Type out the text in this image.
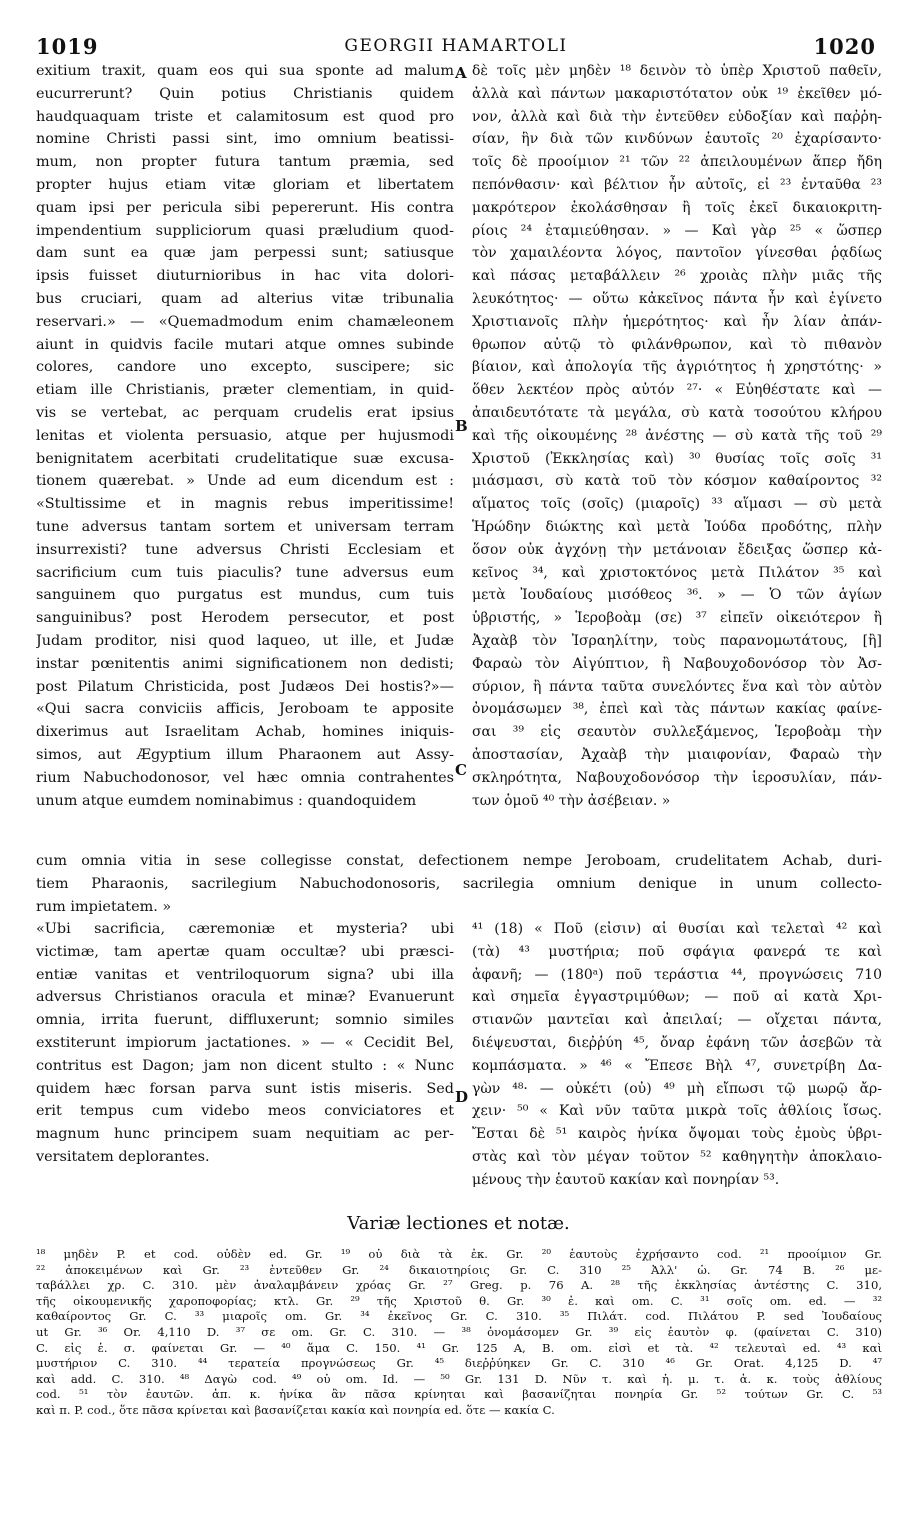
1019	GEORGII HAMARTOLI	1020
exitium traxit, quam eos qui sua sponte ad malum
eucurrerunt? Quin potius Christianis quidem
haudquaquam triste et calamitosum est quod pro
nomine Christi passi sint, imo omnium beatissi-
mum, non propter futura tantum præmia, sed
propter hujus etiam vitæ gloriam et libertatem
quam ipsi per pericula sibi pepererunt. His contra
impendentium suppliciorum quasi præludium quod-
dam sunt ea quæ jam perpessi sunt; satiusque
ipsis fuisset diuturnioribus in hac vita dolori-
bus cruciari, quam ad alterius vitæ tribunalia
reservari.» — «Quemadmodum enim chamæleonem
aiunt in quidvis facile mutari atque omnes subinde
colores, candore uno excepto, suscipere; sic
etiam ille Christianis, præter clementiam, in quid-
vis se vertebat, ac perquam crudelis erat ipsius
lenitas et violenta persuasio, atque per hujusmodi
benignitatem acerbitati crudelitatique suæ excusa-
tionem quærebat. » Unde ad eum dicendum est :
«Stultissime et in magnis rebus imperitissime!
tune adversus tantam sortem et universam terram
insurrexisti? tune adversus Christi Ecclesiam et
sacrificium cum tuis piaculis? tune adversus eum
sanguinem quo purgatus est mundus, cum tuis
sanguinibus? post Herodem persecutor, et post
Judam proditor, nisi quod laqueo, ut ille, et Judæ
instar pœnitentis animi significationem non dedisti;
post Pilatum Christicida, post Judæos Dei hostis?»—
«Qui sacra conviciis afficis, Jeroboam te apposite
dixerimus aut Israelitam Achab, homines iniquis-
simos, aut Ægyptium illum Pharaonem aut Assy-
rium Nabuchodonosor, vel hæc omnia contrahentes
unum atque eumdem nominabimus : quandoquidem
δὲ τοῖς μὲν μηδὲν ¹⁸ δεινὸν τὸ ὑπὲρ Χριστοῦ παθεῖν,
ἀλλὰ καὶ πάντων μακαριστότατον οὐκ ¹⁹ ἐκεῖθεν μό-
νον, ἀλλὰ καὶ διὰ τὴν ἐντεῦθεν εὐδοξίαν καὶ παῤῥη-
σίαν, ἣν διὰ τῶν κινδύνων ἑαυτοῖς ²⁰ ἐχαρίσαντο·
τοῖς δὲ προοίμιον ²¹ τῶν ²² ἀπειλουμένων ἅπερ ἤδη
πεπόνθασιν· καὶ βέλτιον ἦν αὐτοῖς, εἰ ²³ ἐνταῦθα ²³
μακρότερον ἐκολάσθησαν ἢ τοῖς ἐκεῖ δικαιοκριτη-
ρίοις ²⁴ ἐταμιεύθησαν. » — Καὶ γὰρ ²⁵ « ὥσπερ
τὸν χαμαιλέοντα λόγος, παντοῖον γίνεσθαι ῥᾳδίως
καὶ πάσας μεταβάλλειν ²⁶ χροιὰς πλὴν μιᾶς τῆς
λευκότητος· — οὕτω κἀκεῖνος πάντα ἦν καὶ ἐγίνετο
Χριστιανοῖς πλὴν ἡμερότητος· καὶ ἦν λίαν ἀπάν-
θρωπον αὐτῷ τὸ φιλάνθρωπον, καὶ τὸ πιθανὸν
βίαιον, καὶ ἀπολογία τῆς ἀγριότητος ἡ χρηστότης· »
ὅθεν λεκτέον πρὸς αὐτόν ²⁷· « Εὐηθέστατε καὶ —
ἀπαιδευτότατε τὰ μεγάλα, σὺ κατὰ τοσούτου κλήρου
καὶ τῆς οἰκουμένης ²⁸ ἀνέστης — σὺ κατὰ τῆς τοῦ ²⁹
Χριστοῦ (Ἐκκλησίας καὶ) ³⁰ θυσίας τοῖς σοῖς ³¹
μιάσμασι, σὺ κατὰ τοῦ τὸν κόσμον καθαίροντος ³²
αἵματος τοῖς (σοῖς) (μιαροῖς) ³³ αἵμασι — σὺ μετὰ
Ἡρώδην διώκτης καὶ μετὰ Ἰούδα προδότης, πλὴν
ὅσον οὐκ ἀγχόνῃ τὴν μετάνοιαν ἔδειξας ὥσπερ κἀ-
κεῖνος ³⁴, καὶ χριστοκτόνος μετὰ Πιλάτον ³⁵ καὶ
μετὰ Ἰουδαίους μισόθεος ³⁶. » — Ὁ τῶν ἁγίων
ὑβριστής, » Ἱεροβοὰμ (σε) ³⁷ εἰπεῖν οἰκειότερον ἢ
Ἀχαὰβ τὸν Ἰσραηλίτην, τοὺς παρανομωτάτους, [ἢ]
Φαραὼ τὸν Αἰγύπτιον, ἢ Ναβουχοδονόσορ τὸν Ἀσ-
σύριον, ἢ πάντα ταῦτα συνελόντες ἕνα καὶ τὸν αὐτὸν
ὀνομάσωμεν ³⁸, ἐπεὶ καὶ τὰς πάντων κακίας φαίνε-
σαι ³⁹ εἰς σεαυτὸν συλλεξάμενος, Ἱεροβοὰμ τὴν
ἀποστασίαν, Ἀχαὰβ τὴν μιαιφονίαν, Φαραὼ τὴν
σκληρότητα, Ναβουχοδονόσορ τὴν ἱεροσυλίαν, πάν-
των ὁμοῦ ⁴⁰ τὴν ἀσέβειαν. »
A
B
C
cum omnia vitia in sese collegisse constat, defectionem nempe Jeroboam, crudelitatem Achab, duri-
tiem Pharaonis, sacrilegium Nabuchodonosoris, sacrilegia omnium denique in unum collecto-
rum impietatem. »
«Ubi sacrificia, cæremoniæ et mysteria? ubi
victimæ, tam apertæ quam occultæ? ubi præsci-
entiæ vanitas et ventriloquorum signa? ubi illa
adversus Christianos oracula et minæ? Evanuerunt
omnia, irrita fuerunt, diffluxerunt; somnio similes
exstiterunt impiorum jactationes. » — « Cecidit Bel,
contritus est Dagon; jam non dicent stulto : « Nunc
quidem hæc forsan parva sunt istis miseris. Sed
erit tempus cum videbo meos conviciatores et
magnum hunc principem suam nequitiam ac per-
versitatem deplorantes.
⁴¹ (18) « Ποῦ (εἰσιν) αἱ θυσίαι καὶ τελεταὶ ⁴² καὶ
(τὰ) ⁴³ μυστήρια; ποῦ σφάγια φανερά τε καὶ
ἀφανῆ; — (180ᵃ) ποῦ τεράστια ⁴⁴, προγνώσεις 710
καὶ σημεῖα ἐγγαστριμύθων; — ποῦ αἱ κατὰ Χρι-
στιανῶν μαντεῖαι καὶ ἀπειλαί; — οἴχεται πάντα,
διέψευσται, διεῤῥύη ⁴⁵, ὄναρ ἐφάνη τῶν ἀσεβῶν τὰ
κομπάσματα. » ⁴⁶ « Ἔπεσε Βὴλ ⁴⁷, συνετρίβη Δα-
γὼν ⁴⁸· — οὐκέτι (οὐ) ⁴⁹ μὴ εἴπωσι τῷ μωρῷ ἄρ-
χειν· ⁵⁰ « Καὶ νῦν ταῦτα μικρὰ τοῖς ἀθλίοις ἴσως.
Ἔσται δὲ ⁵¹ καιρὸς ἡνίκα ὄψομαι τοὺς ἐμοὺς ὑβρι-
στὰς καὶ τὸν μέγαν τοῦτον ⁵² καθηγητὴν ἀποκλαιο-
μένους τὴν ἑαυτοῦ κακίαν καὶ πονηρίαν ⁵³.
D
Variæ lectiones et notæ.
¹⁸ μηδὲν P. et cod. οὐδὲν ed. Gr. ¹⁹ οὐ διὰ τὰ ἐκ. Gr. ²⁰ ἑαυτοὺς ἐχρήσαντο cod. ²¹ προοίμιον Gr.
²² ἀποκειμένων καὶ Gr. ²³ ἐντεῦθεν Gr. ²⁴ δικαιοτηρίοις Gr. C. 310 ²⁵ Ἀλλ' ὡ. Gr. 74 B. ²⁶ με-
ταβάλλει χρ. C. 310. μὲν ἀναλαμβάνειν χρόας Gr. ²⁷ Greg. p. 76 A. ²⁸ τῆς ἐκκλησίας ἀντέστης C. 310,
τῆς οἰκουμενικῆς χαροποφορίας; κτλ. Gr. ²⁹ τῆς Χριστοῦ θ. Gr. ³⁰ ἐ. καὶ om. C. ³¹ σοῖς om. ed. — ³²
καθαίροντος Gr. C. ³³ μιαροῖς om. Gr. ³⁴ ἐκεῖνος Gr. C. 310. ³⁵ Πιλάτ. cod. Πιλάτου P. sed Ἰουδαίους
ut Gr. ³⁶ Or. 4,110 D. ³⁷ σε om. Gr. C. 310. — ³⁸ ὀνομάσομεν Gr. ³⁹ εἰς ἑαυτὸν φ. (φαίνεται C. 310)
C. εἰς ἑ. σ. φαίνεται Gr. — ⁴⁰ ἅμα C. 150. ⁴¹ Gr. 125 A, B. om. εἰσὶ et τὰ. ⁴² τελευταὶ ed. ⁴³ καὶ
μυστήριον C. 310. ⁴⁴ τερατεία προγνώσεως Gr. ⁴⁵ διεῤῥύηκεν Gr. C. 310 ⁴⁶ Gr. Orat. 4,125 D. ⁴⁷
καὶ add. C. 310. ⁴⁸ Δαγὼ cod. ⁴⁹ οὐ om. Id. — ⁵⁰ Gr. 131 D. Νῦν τ. καὶ ἡ. μ. τ. ἁ. κ. τοὺς ἀθλίους
cod. ⁵¹ τὸν ἑαυτῶν. ἀπ. κ. ἡνίκα ἂν πᾶσα κρίνηται καὶ βασανίζηται πονηρία Gr. ⁵² τούτων Gr. C. ⁵³
καὶ π. P. cod., ὅτε πᾶσα κρίνεται καὶ βασανίζεται κακία καὶ πονηρία ed. ὅτε — κακία C.
